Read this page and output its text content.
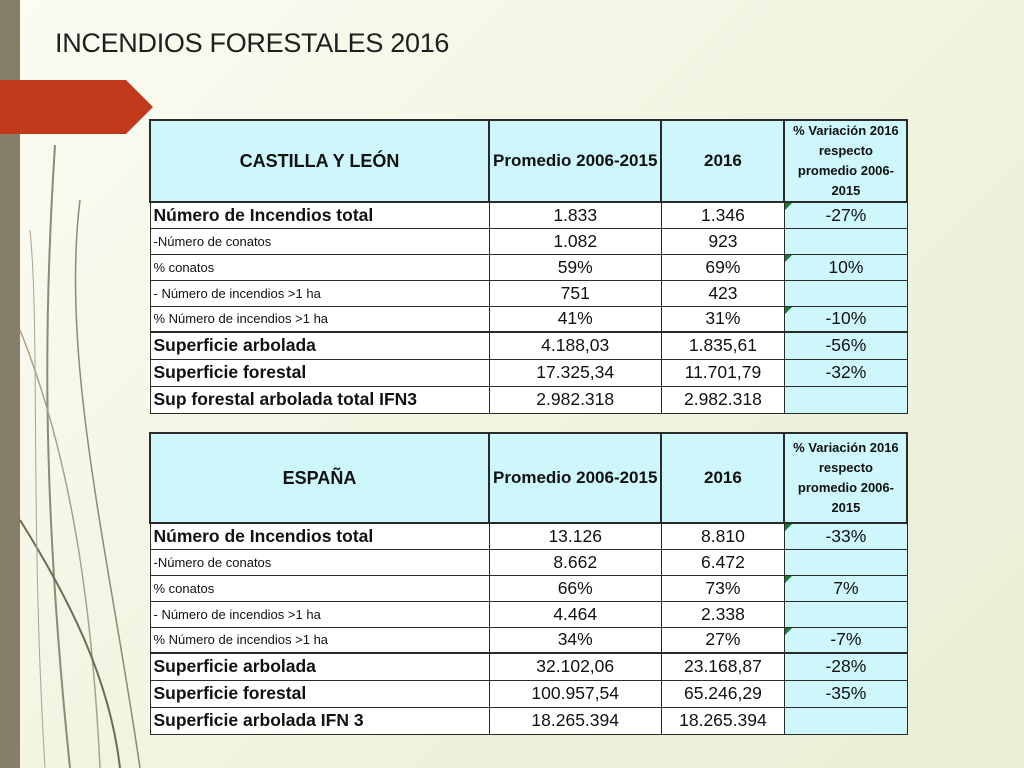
INCENDIOS FORESTALES 2016
CASTILLA Y LEÓN	Promedio 2006-2015	2016	% Variación 2016 respecto promedio 2006-2015
Número de Incendios total	1.833	1.346	-27%
-Número de conatos	1.082	923	
% conatos	59%	69%	10%
- Número de incendios >1 ha	751	423	
% Número de incendios >1 ha	41%	31%	-10%
Superficie arbolada	4.188,03	1.835,61	-56%
Superficie forestal	17.325,34	11.701,79	-32%
Sup forestal arbolada total IFN3	2.982.318	2.982.318	
ESPAÑA	Promedio 2006-2015	2016	% Variación 2016 respecto promedio 2006-2015
Número de Incendios total	13.126	8.810	-33%
-Número de conatos	8.662	6.472	
% conatos	66%	73%	7%
- Número de incendios >1 ha	4.464	2.338	
% Número de incendios >1 ha	34%	27%	-7%
Superficie arbolada	32.102,06	23.168,87	-28%
Superficie forestal	100.957,54	65.246,29	-35%
Superficie arbolada IFN 3	18.265.394	18.265.394	
